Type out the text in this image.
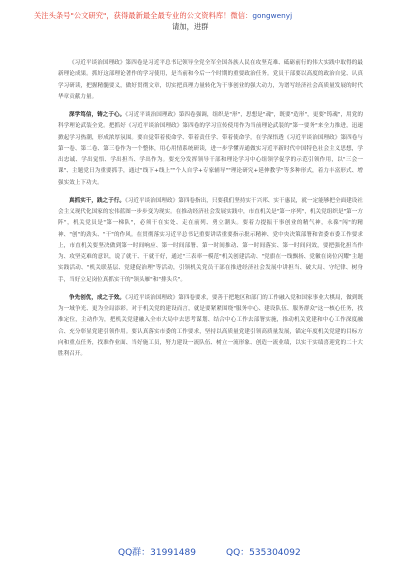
关注头条号"公文研究"，获得最新最全最专业的公文资料库！微信：gongwenyj
请加，进群

《习近平谈治国理政》第四卷是习近平总书记领导全党全军全国各族人民在攻坚克难、砥砺前行的伟大实践中取得的最新理论成果。抓好这部理论著作的学习使用，是当前和今后一个时期的重要政治任务。党员干部要以高度的政治自觉、认真学习研读，把握精髓要义，做好贯彻文章，切实把真理力量转化为干事创业的强大动力，为谱写经济社会高质量发展的时代华章贡献力量。

深学笃信，铸之于心。《习近平谈治国理政》第四卷强调，组织是"形"，思想是"魂"，既要"造形"，更要"铸魂"，用党的科学理论武装全党。把抓好《习近平谈治国理政》第四卷的学习宣传使用作为当前理论武装的"第一要务"来全力推进，迅速掀起学习热潮，形成浓厚氛围。要自觉带着使命学、带着责任学、带着使命学，在学深悟透《习近平谈治国理政》第四卷与第一卷、第二卷、第三卷作为一个整体，用心用情系统研读，进一步学懂弄通做实习近平新时代中国特色社会主义思想，学出忠诚、学出觉悟、学出担当、学出作为。要充分发挥领导干部和理论学习中心组领学促学的示范引领作用，以"三会一课"、主题党日为重要抓手，通过"线下+线上""个人自学+专家辅导""理论研究+延伸教学"等多种形式，着力丰富形式、增强实效上下功夫。

真抓实干，践之于行。《习近平谈治国理政》第四卷指出，只要我们坚持实干兴邦、实干惠民，就一定能够把全面建设社会主义现代化国家的宏伟蓝图一步步变为现实。在推动经济社会发展实践中，市直机关是"第一序列"，机关党组织是"第一方阵"，机关党员是"第一梯队"，必须干在实处、走在前列、勇立潮头。要着力提振干事创业的精气神，永葆"闯"的精神、"创"的劲头、"干"的作风。在贯彻落实习近平总书记重要讲话重要指示批示精神、党中央决策部署和省委市委工作要求上，市直机关要坚决做到第一时间响应、第一时间部署、第一时间推动、第一时间落实、第一时间问效，要把强化担当作为、攻坚克难的意识，说了就干、干就干好，通过"三表率一模范"机关创建活动、"党旗在一线飘扬、党徽在岗位闪耀"主题实践活动、"机关联基层、党建促治理"等活动，引领机关党员干部在推进经济社会发展中讲担当、破大局、守纪律、树身手，当好立足岗位真抓实干的"领头雁"和"排头兵"。

争先创优，成之于效。《习近平谈治国理政》第四卷要求，要善于把地区和部门的工作融入党和国家事业大棋局，做到既为一域争光、更为全局添彩。对于机关党的建设而言，就是要紧紧围绕"服务中心、建设队伍、服务群众"这一核心任务，找准定位，主动作为，把机关党建融入全市大局中去思考谋划、结合中心工作去部署实施，推动机关党建和中心工作深度融合、充分彰显党建引领作用。要认真落实市委的工作要求，坚持以高质量党建引领高质量发展，锚定年度机关党建的目标方向和重点任务，找准作业面、当好施工员，努力建设一流队伍、树立一流形象、创造一流业绩，以实干实绩喜迎党的二十大胜利召开。

QQ群：31991489	QQ：535304092
